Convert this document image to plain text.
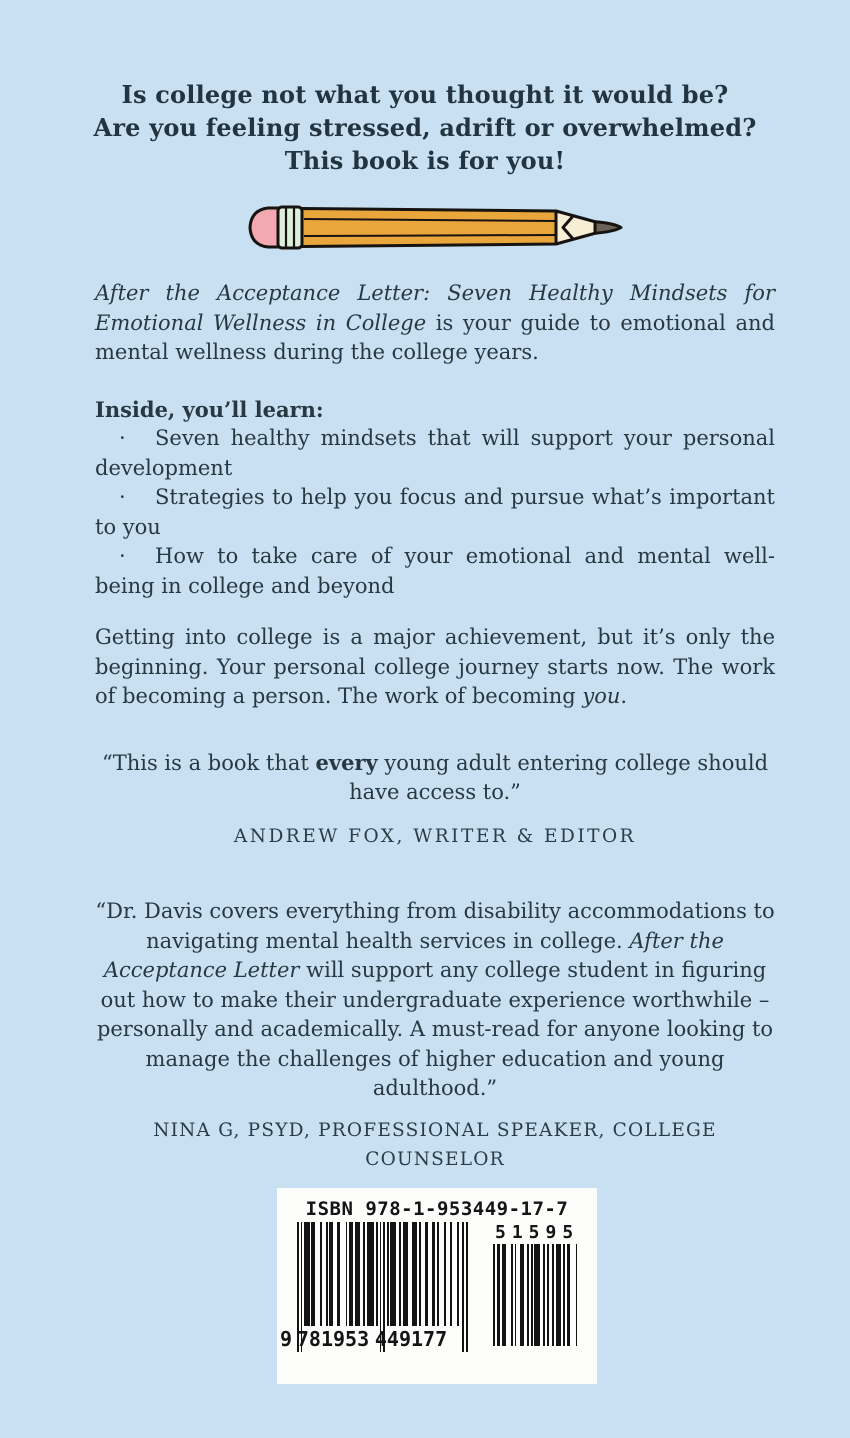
Is college not what you thought it would be?
Are you feeling stressed, adrift or overwhelmed?
This book is for you!

After the Acceptance Letter: Seven Healthy Mindsets for Emotional Wellness in College is your guide to emotional and mental wellness during the college years.

Inside, you’ll learn:

· Seven healthy mindsets that will support your personal development

· Strategies to help you focus and pursue what’s important to you

· How to take care of your emotional and mental well-being in college and beyond

Getting into college is a major achievement, but it’s only the beginning. Your personal college journey starts now. The work of becoming a person. The work of becoming you.

“This is a book that every young adult entering college should have access to.”

ANDREW FOX, WRITER & EDITOR

“Dr. Davis covers everything from disability accommodations to navigating mental health services in college. After the Acceptance Letter will support any college student in figuring out how to make their undergraduate experience worthwhile – personally and academically. A must-read for anyone looking to manage the challenges of higher education and young adulthood.”

NINA G, PSYD, PROFESSIONAL SPEAKER, COLLEGE COUNSELOR

ISBN 978-1-953449-17-7
9 781953 449177
51595
